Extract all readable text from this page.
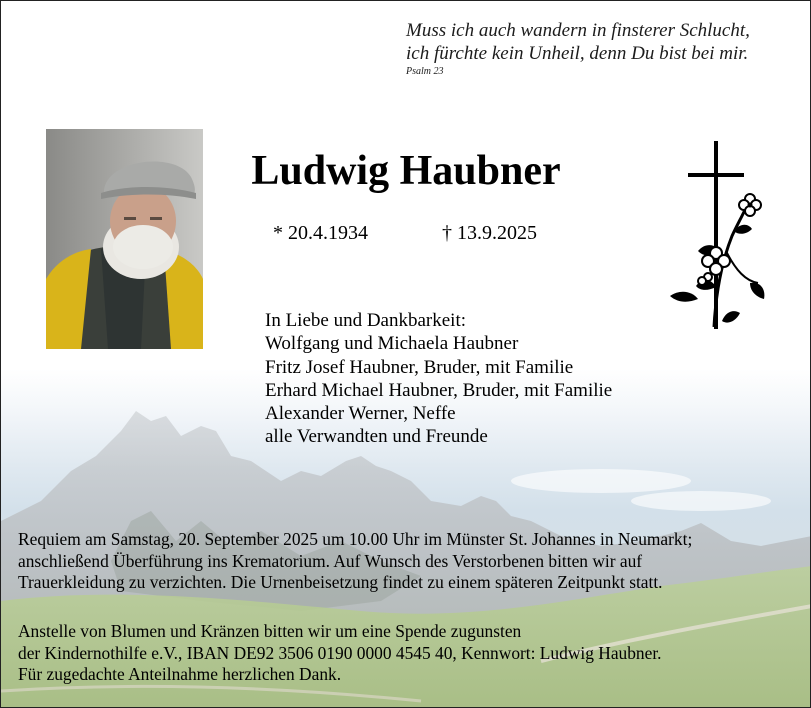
Muss ich auch wandern in finsterer Schlucht,
ich fürchte kein Unheil, denn Du bist bei mir.
Psalm 23
Ludwig Haubner
* 20.4.1934	† 13.9.2025
In Liebe und Dankbarkeit:
Wolfgang und Michaela Haubner
Fritz Josef Haubner, Bruder, mit Familie
Erhard Michael Haubner, Bruder, mit Familie
Alexander Werner, Neffe
alle Verwandten und Freunde
Requiem am Samstag, 20. September 2025 um 10.00 Uhr im Münster St. Johannes in Neumarkt;
anschließend Überführung ins Krematorium. Auf Wunsch des Verstorbenen bitten wir auf
Trauerkleidung zu verzichten. Die Urnenbeisetzung findet zu einem späteren Zeitpunkt statt.
Anstelle von Blumen und Kränzen bitten wir um eine Spende zugunsten
der Kindernothilfe e.V., IBAN DE92 3506 0190 0000 4545 40, Kennwort: Ludwig Haubner.
Für zugedachte Anteilnahme herzlichen Dank.
